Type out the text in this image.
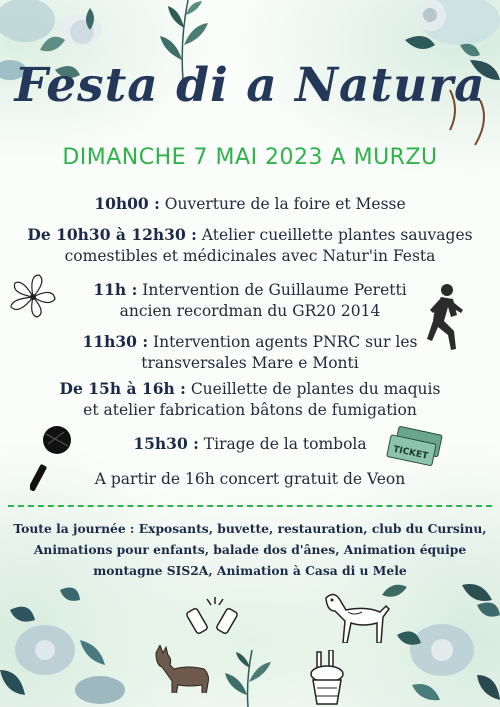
Festa di a Natura
DIMANCHE 7 MAI 2023 A MURZU
10h00 : Ouverture de la foire et Messe
De 10h30 à 12h30 : Atelier cueillette plantes sauvages
comestibles et médicinales avec Natur'in Festa
11h : Intervention de Guillaume Peretti
ancien recordman du GR20 2014
11h30 : Intervention agents PNRC sur les
transversales Mare e Monti
De 15h à 16h : Cueillette de plantes du maquis
et atelier fabrication bâtons de fumigation
15h30 : Tirage de la tombola
A partir de 16h concert gratuit de Veon
TICKET
Toute la journée : Exposants, buvette, restauration, club du Cursinu,
Animations pour enfants, balade dos d'ânes, Animation équipe
montagne SIS2A, Animation à Casa di u Mele
